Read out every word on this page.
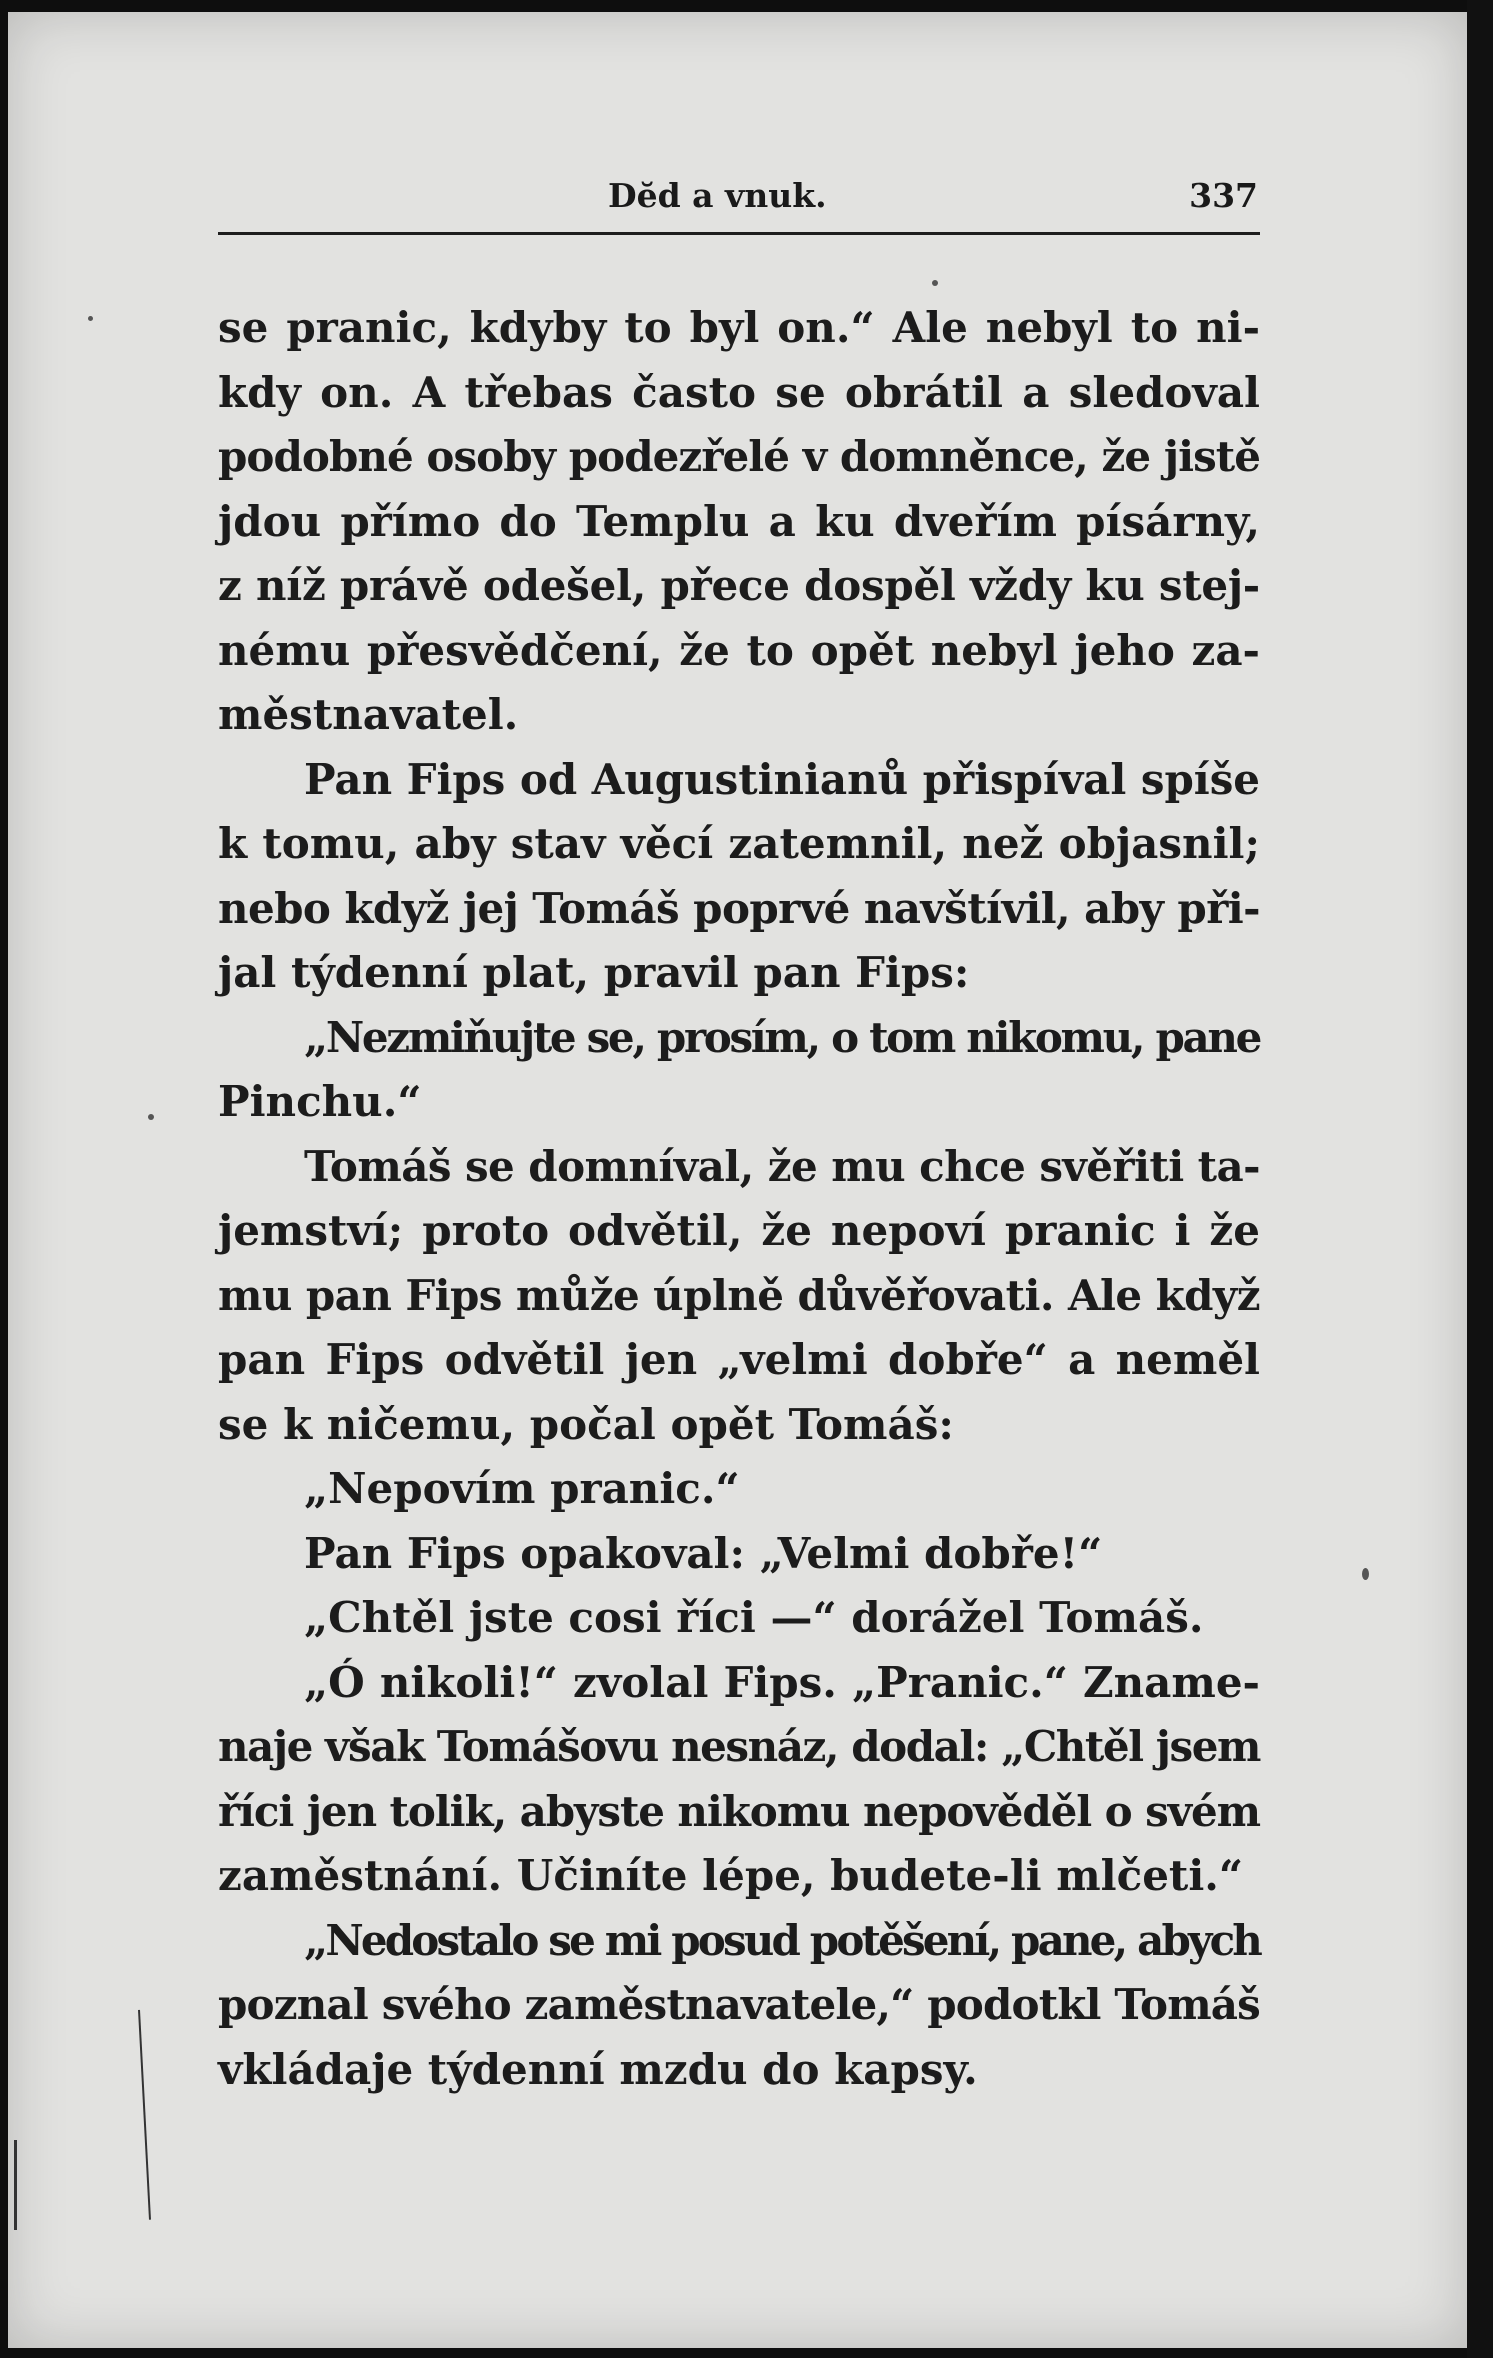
Dĕd a vnuk.	337
se pranic, kdyby to byl on.“ Ale nebyl to ni-
kdy on. A třebas často se obrátil a sledoval
podobné osoby podezřelé v domněnce, že jistě
jdou přímo do Templu a ku dveřím písárny,
z níž právě odešel, přece dospěl vždy ku stej-
nému přesvědčení, že to opět nebyl jeho za-
městnavatel.
Pan Fips od Augustinianů přispíval spíše
k tomu, aby stav věcí zatemnil, než objasnil;
nebo když jej Tomáš poprvé navštívil, aby při-
jal týdenní plat, pravil pan Fips:
„Nezmiňujte se, prosím, o tom nikomu, pane
Pinchu.“
Tomáš se domníval, že mu chce svěřiti ta-
jemství; proto odvětil, že nepoví pranic i že
mu pan Fips může úplně důvěřovati. Ale když
pan Fips odvětil jen „velmi dobře“ a neměl
se k ničemu, počal opět Tomáš:
„Nepovím pranic.“
Pan Fips opakoval: „Velmi dobře!“
„Chtěl jste cosi říci —“ dorážel Tomáš.
„Ó nikoli!“ zvolal Fips. „Pranic.“ Zname-
naje však Tomášovu nesnáz, dodal: „Chtěl jsem
říci jen tolik, abyste nikomu nepověděl o svém
zaměstnání. Učiníte lépe, budete-li mlčeti.“
„Nedostalo se mi posud potěšení, pane, abych
poznal svého zaměstnavatele,“ podotkl Tomáš
vkládaje týdenní mzdu do kapsy.
